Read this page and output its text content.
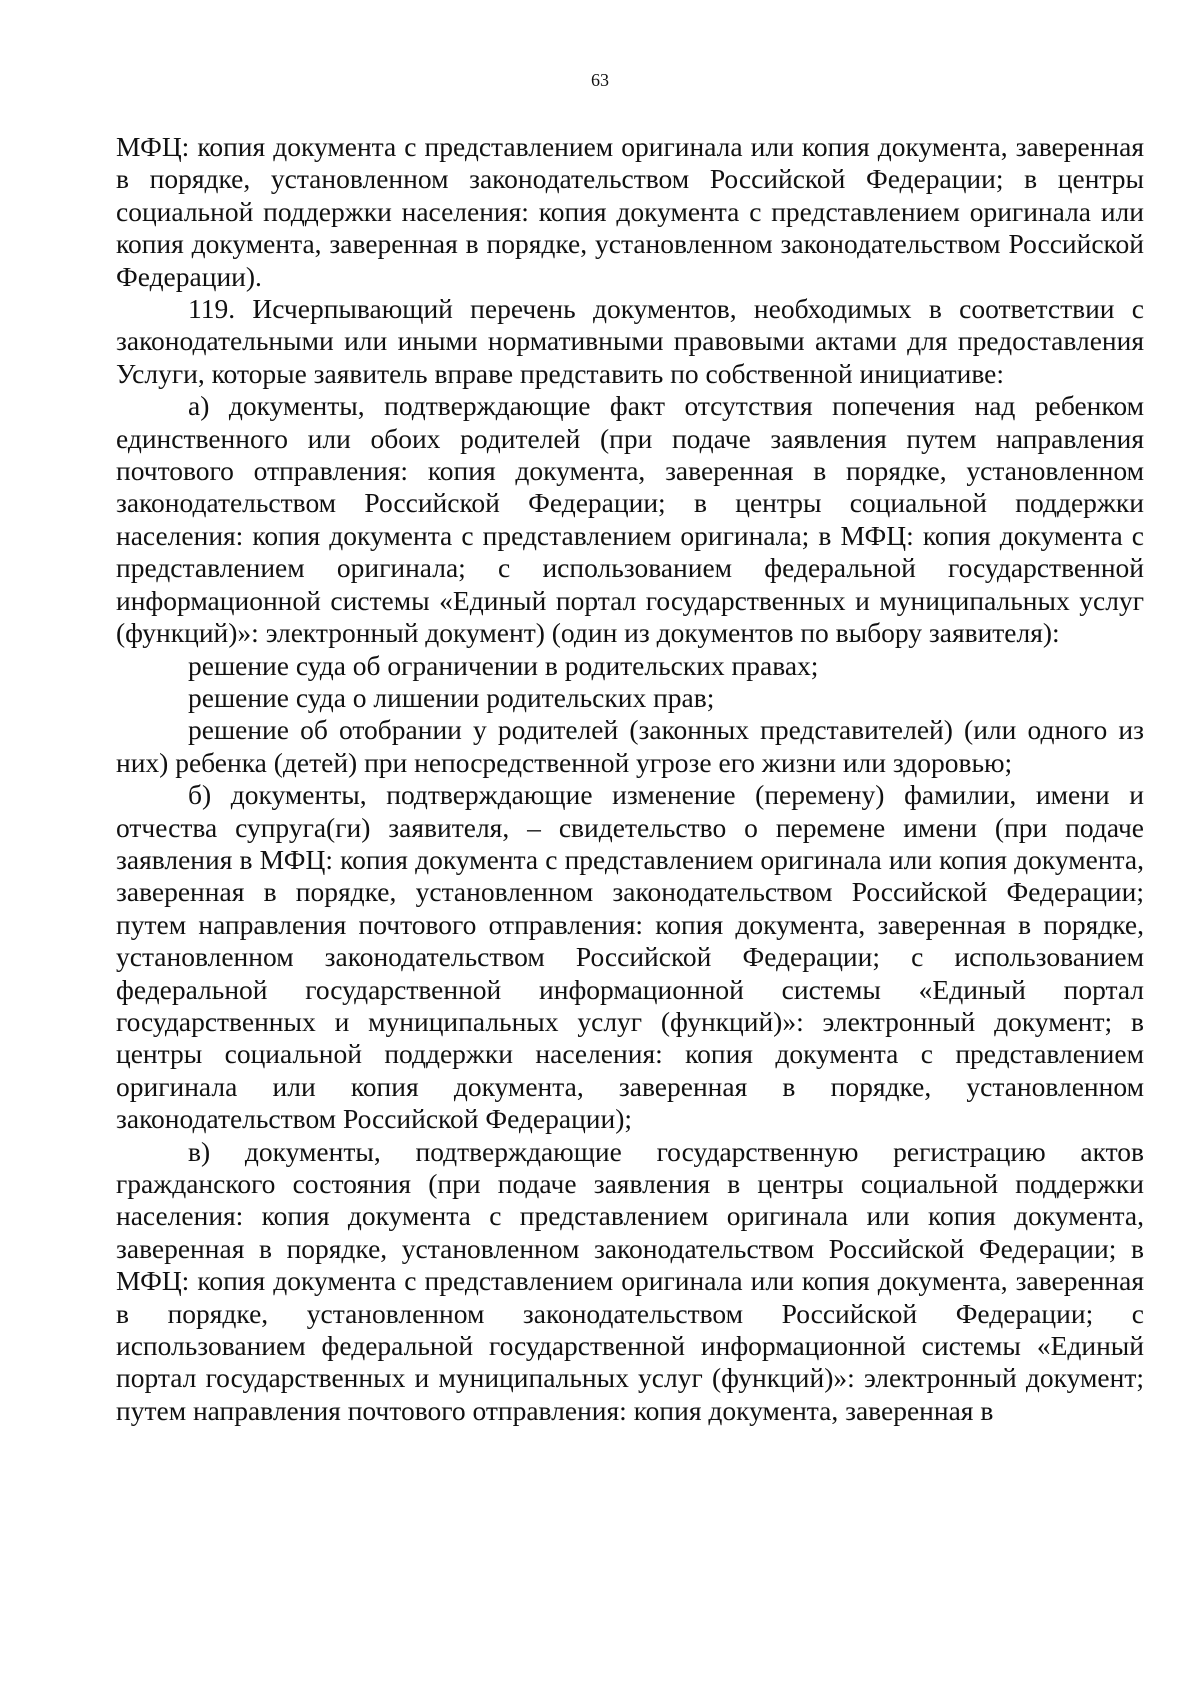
63

МФЦ: копия документа с представлением оригинала или копия документа, заверенная в порядке, установленном законодательством Российской Федерации; в центры социальной поддержки населения: копия документа с представлением оригинала или копия документа, заверенная в порядке, установленном законодательством Российской Федерации).

119. Исчерпывающий перечень документов, необходимых в соответствии с законодательными или иными нормативными правовыми актами для предоставления Услуги, которые заявитель вправе представить по собственной инициативе:

а) документы, подтверждающие факт отсутствия попечения над ребенком единственного или обоих родителей (при подаче заявления путем направления почтового отправления: копия документа, заверенная в порядке, установленном законодательством Российской Федерации; в центры социальной поддержки населения: копия документа с представлением оригинала; в МФЦ: копия документа с представлением оригинала; с использованием федеральной государственной информационной системы «Единый портал государственных и муниципальных услуг (функций)»: электронный документ) (один из документов по выбору заявителя):

решение суда об ограничении в родительских правах;

решение суда о лишении родительских прав;

решение об отобрании у родителей (законных представителей) (или одного из них) ребенка (детей) при непосредственной угрозе его жизни или здоровью;

б) документы, подтверждающие изменение (перемену) фамилии, имени и отчества супруга(ги) заявителя, – свидетельство о перемене имени (при подаче заявления в МФЦ: копия документа с представлением оригинала или копия документа, заверенная в порядке, установленном законодательством Российской Федерации; путем направления почтового отправления: копия документа, заверенная в порядке, установленном законодательством Российской Федерации; с использованием федеральной государственной информационной системы «Единый портал государственных и муниципальных услуг (функций)»: электронный документ; в центры социальной поддержки населения: копия документа с представлением оригинала или копия документа, заверенная в порядке, установленном законодательством Российской Федерации);

в) документы, подтверждающие государственную регистрацию актов гражданского состояния (при подаче заявления в центры социальной поддержки населения: копия документа с представлением оригинала или копия документа, заверенная в порядке, установленном законодательством Российской Федерации; в МФЦ: копия документа с представлением оригинала или копия документа, заверенная в порядке, установленном законодательством Российской Федерации; с использованием федеральной государственной информационной системы «Единый портал государственных и муниципальных услуг (функций)»: электронный документ; путем направления почтового отправления: копия документа, заверенная в
